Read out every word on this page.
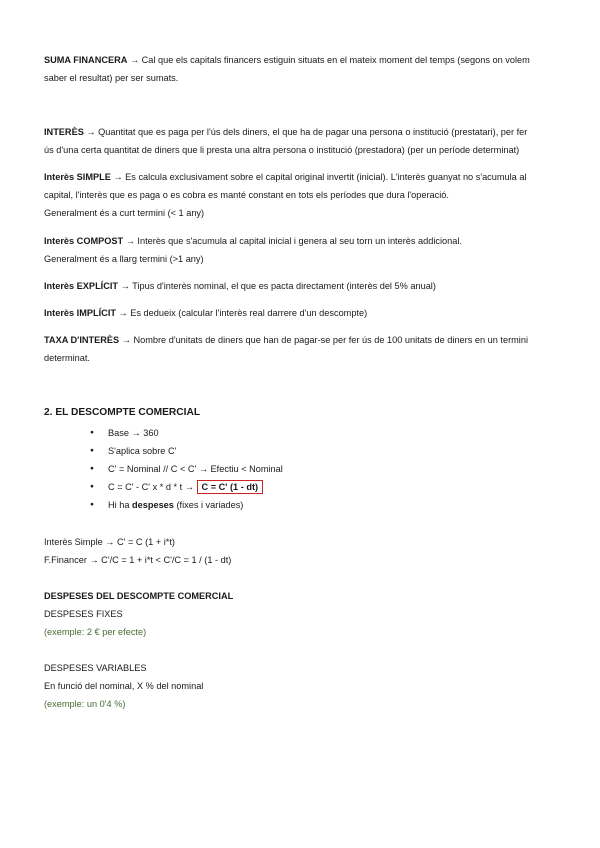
SUMA FINANCERA → Cal que els capitals financers estiguin situats en el mateix moment del temps (segons on volem
saber el resultat) per ser sumats.

INTERÈS → Quantitat que es paga per l'ús dels diners, el que ha de pagar una persona o institució (prestatari), per fer
ús d'una certa quantitat de diners que li presta una altra persona o institució (prestadora) (per un període determinat)

Interès SIMPLE → Es calcula exclusivament sobre el capital original invertit (inicial). L'interès guanyat no s'acumula al
capital, l'interès que es paga o es cobra es manté constant en tots els períodes que dura l'operació.
Generalment és a curt termini (< 1 any)

Interès COMPOST → Interès que s'acumula al capital inicial i genera al seu torn un interès addicional.
Generalment és a llarg termini (>1 any)

Interès EXPLÍCIT → Tipus d'interès nominal, el que es pacta directament (interès del 5% anual)

Interès IMPLÍCIT → Es dedueix (calcular l'interès real darrere d'un descompte)

TAXA D'INTERÈS → Nombre d'unitats de diners que han de pagar-se per fer ús de 100 unitats de diners en un termini
determinat.

2. EL DESCOMPTE COMERCIAL

● Base → 360
● S'aplica sobre C'
● C' = Nominal // C < C' → Efectiu < Nominal
● C = C' - C' x * d * t → C = C' (1 - dt)
● Hi ha despeses (fixes i variades)

Interès Simple → C' = C (1 + i*t)
F.Financer → C'/C = 1 + i*t < C'/C = 1 / (1 - dt)

DESPESES DEL DESCOMPTE COMERCIAL
DESPESES FIXES
(exemple: 2 € per efecte)

DESPESES VARIABLES
En funció del nominal, X % del nominal
(exemple: un 0'4 %)
